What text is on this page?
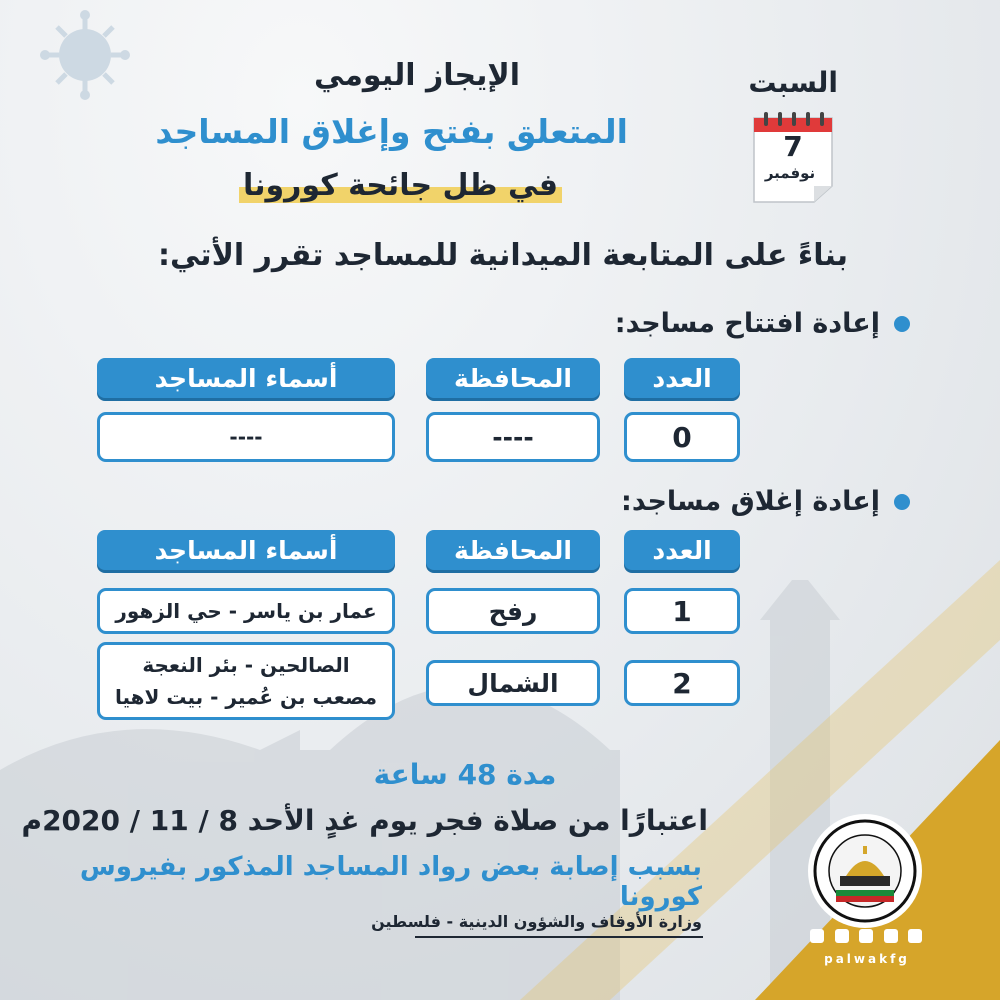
الإيجاز اليومي
المتعلق بفتح وإغلاق المساجد
في ظل جائحة كورونا
السبت
7
نوفمبر
بناءً على المتابعة الميدانية للمساجد تقرر الأتي:
إعادة افتتاح مساجد:
العدد
المحافظة
أسماء المساجد
0
----
----
إعادة إغلاق مساجد:
العدد
المحافظة
أسماء المساجد
1
رفح
عمار بن ياسر - حي الزهور
2
الشمال
الصالحين - بئر النعجة
مصعب بن عُمير - بيت لاهيا
مدة 48 ساعة
اعتبارًا من صلاة فجر يوم غدٍ الأحد 8 / 11 / 2020م
بسبب إصابة بعض رواد المساجد المذكور بفيروس كورونا
وزارة الأوقاف والشؤون الدينية - فلسطين
palwakfg
